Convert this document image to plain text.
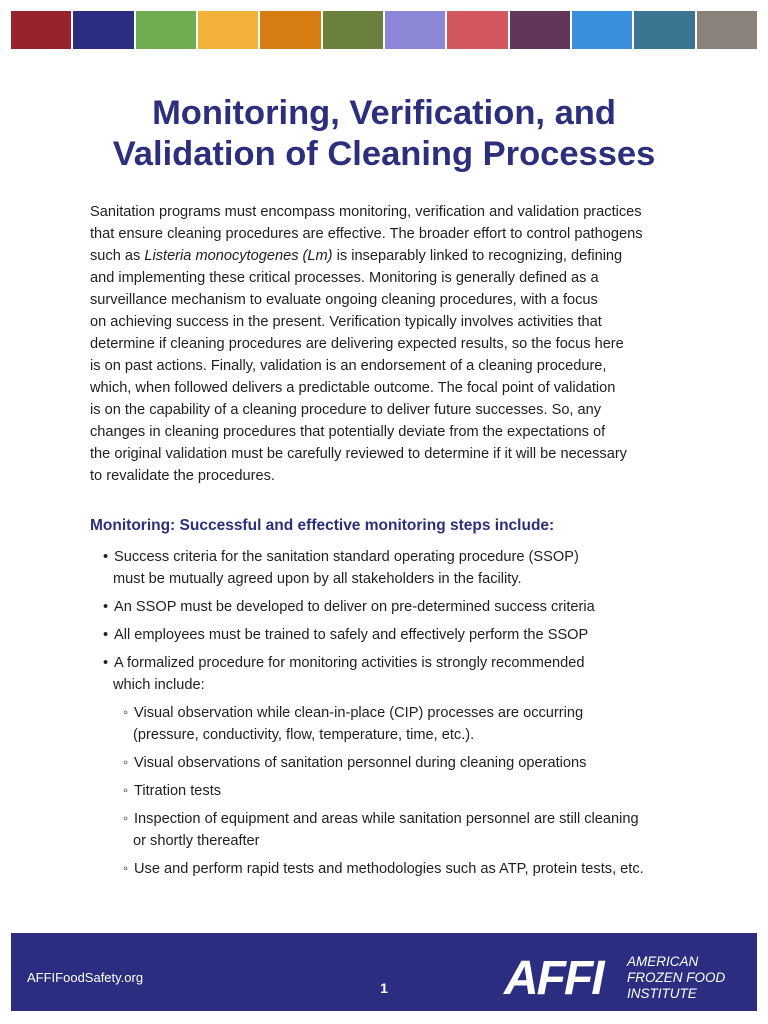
Monitoring, Verification, and
Validation of Cleaning Processes

Sanitation programs must encompass monitoring, verification and validation practices
that ensure cleaning procedures are effective. The broader effort to control pathogens
such as Listeria monocytogenes (Lm) is inseparably linked to recognizing, defining
and implementing these critical processes. Monitoring is generally defined as a
surveillance mechanism to evaluate ongoing cleaning procedures, with a focus
on achieving success in the present. Verification typically involves activities that
determine if cleaning procedures are delivering expected results, so the focus here
is on past actions. Finally, validation is an endorsement of a cleaning procedure,
which, when followed delivers a predictable outcome. The focal point of validation
is on the capability of a cleaning procedure to deliver future successes. So, any
changes in cleaning procedures that potentially deviate from the expectations of
the original validation must be carefully reviewed to determine if it will be necessary
to revalidate the procedures.

Monitoring: Successful and effective monitoring steps include:
• Success criteria for the sanitation standard operating procedure (SSOP)
must be mutually agreed upon by all stakeholders in the facility.
• An SSOP must be developed to deliver on pre-determined success criteria
• All employees must be trained to safely and effectively perform the SSOP
• A formalized procedure for monitoring activities is strongly recommended
which include:
◦ Visual observation while clean-in-place (CIP) processes are occurring
(pressure, conductivity, flow, temperature, time, etc.).
◦ Visual observations of sanitation personnel during cleaning operations
◦ Titration tests
◦ Inspection of equipment and areas while sanitation personnel are still cleaning
or shortly thereafter
◦ Use and perform rapid tests and methodologies such as ATP, protein tests, etc.
AFFIFoodSafety.org
1	AFFI AMERICAN
FROZEN FOOD
INSTITUTE
